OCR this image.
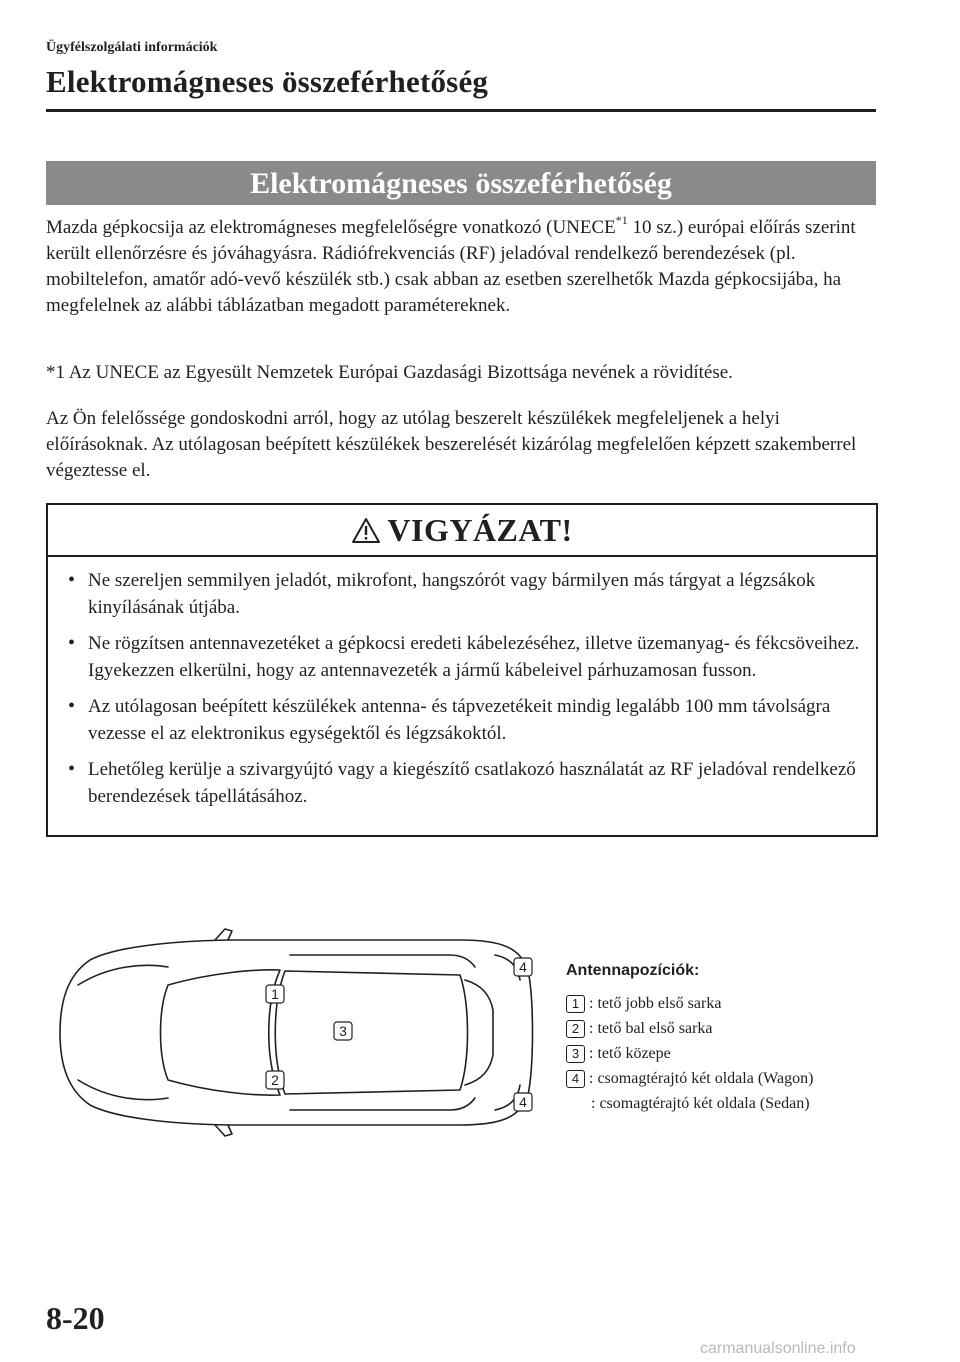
Ügyfélszolgálati információk
Elektromágneses összeférhetőség
Elektromágneses összeférhetőség

Mazda gépkocsija az elektromágneses megfelelőségre vonatkozó (UNECE$^{*1}$ 10 sz.) európai előírás szerint került ellenőrzésre és jóváhagyásra. Rádiófrekvenciás (RF) jeladóval rendelkező berendezések (pl. mobiltelefon, amatőr adó-vevő készülék stb.) csak abban az esetben szerelhetők Mazda gépkocsijába, ha megfelelnek az alábbi táblázatban megadott paramétereknek.

*1 Az UNECE az Egyesült Nemzetek Európai Gazdasági Bizottsága nevének a rövidítése.

Az Ön felelőssége gondoskodni arról, hogy az utólag beszerelt készülékek megfeleljenek a helyi előírásoknak. Az utólagosan beépített készülékek beszerelését kizárólag megfelelően képzett szakemberrel végeztesse el.

VIGYÁZAT!
• Ne szereljen semmilyen jeladót, mikrofont, hangszórót vagy bármilyen más tárgyat a légzsákok kinyílásának útjába.
• Ne rögzítsen antennavezetéket a gépkocsi eredeti kábelezéséhez, illetve üzemanyag- és fékcsöveihez. Igyekezzen elkerülni, hogy az antennavezeték a jármű kábeleivel párhuzamosan fusson.
• Az utólagosan beépített készülékek antenna- és tápvezetékeit mindig legalább 100 mm távolságra vezesse el az elektronikus egységektől és légzsákoktól.
• Lehetőleg kerülje a szivargyújtó vagy a kiegészítő csatlakozó használatát az RF jeladóval rendelkező berendezések tápellátásához.
1
2
3
4
4
Antennapozíciók:
1 : tető jobb első sarka
2 : tető bal első sarka
3 : tető közepe
4 : csomagtérajtó két oldala (Wagon)
: csomagtérajtó két oldala (Sedan)
8-20
carmanualsonline.info
